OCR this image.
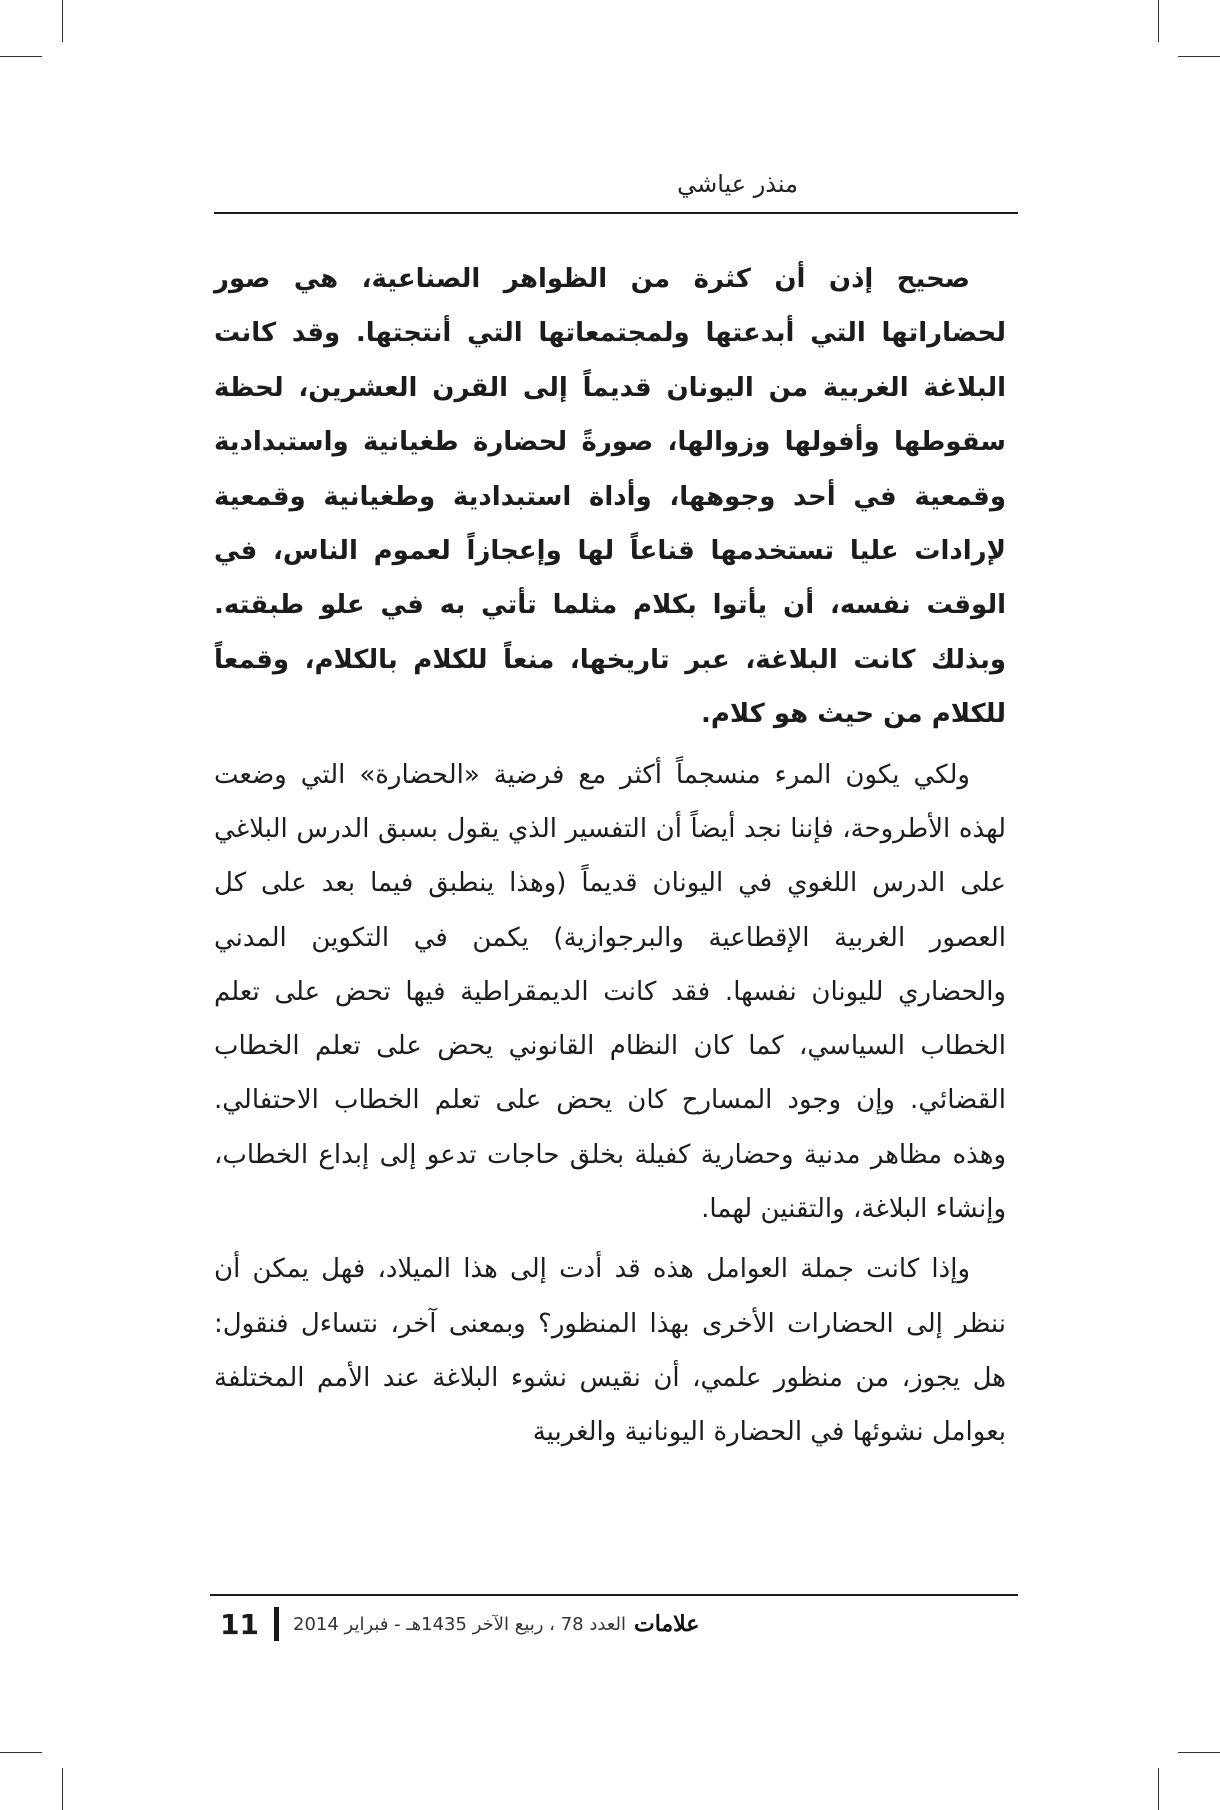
منذر عياشي

صحيح إذن أن كثرة من الظواهر الصناعية، هي صور لحضاراتها التي أبدعتها ولمجتمعاتها التي أنتجتها. وقد كانت البلاغة الغربية من اليونان قديماً إلى القرن العشرين، لحظة سقوطها وأفولها وزوالها، صورةً لحضارة طغيانية واستبدادية وقمعية في أحد وجوهها، وأداة استبدادية وطغيانية وقمعية لإرادات عليا تستخدمها قناعاً لها وإعجازاً لعموم الناس، في الوقت نفسه، أن يأتوا بكلام مثلما تأتي به في علو طبقته. وبذلك كانت البلاغة، عبر تاريخها، منعاً للكلام بالكلام، وقمعاً للكلام من حيث هو كلام.

ولكي يكون المرء منسجماً أكثر مع فرضية «الحضارة» التي وضعت لهذه الأطروحة، فإننا نجد أيضاً أن التفسير الذي يقول بسبق الدرس البلاغي على الدرس اللغوي في اليونان قديماً (وهذا ينطبق فيما بعد على كل العصور الغربية الإقطاعية والبرجوازية) يكمن في التكوين المدني والحضاري لليونان نفسها. فقد كانت الديمقراطية فيها تحض على تعلم الخطاب السياسي، كما كان النظام القانوني يحض على تعلم الخطاب القضائي. وإن وجود المسارح كان يحض على تعلم الخطاب الاحتفالي. وهذه مظاهر مدنية وحضارية كفيلة بخلق حاجات تدعو إلى إبداع الخطاب، وإنشاء البلاغة، والتقنين لهما.

وإذا كانت جملة العوامل هذه قد أدت إلى هذا الميلاد، فهل يمكن أن ننظر إلى الحضارات الأخرى بهذا المنظور؟ وبمعنى آخر، نتساءل فنقول: هل يجوز، من منظور علمي، أن نقيس نشوء البلاغة عند الأمم المختلفة بعوامل نشوئها في الحضارة اليونانية والغربية

11	علامات
العدد 78 ، ربيع الآخر 1435هـ - فبراير 2014
